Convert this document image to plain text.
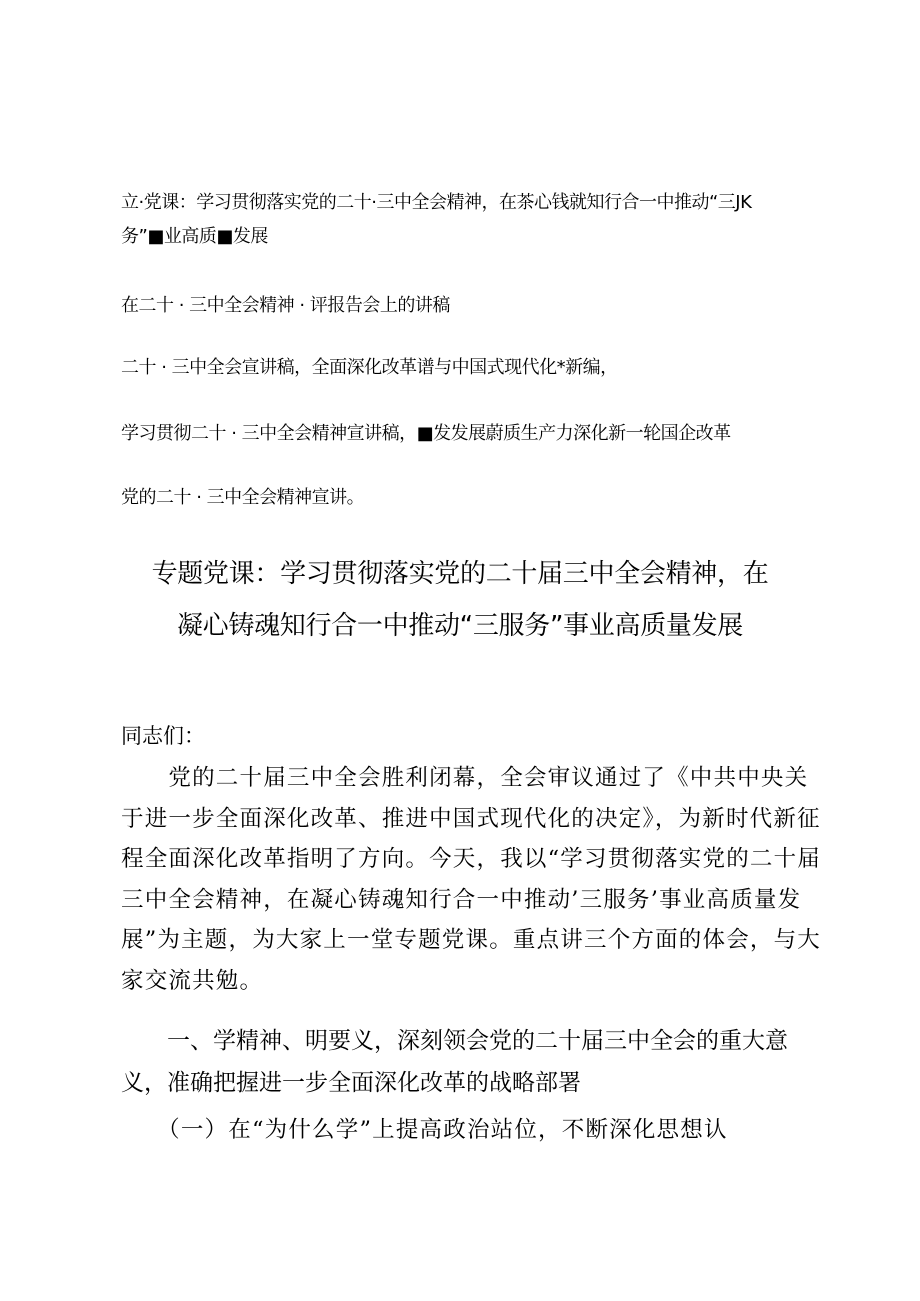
立·党课：学习贯彻落实党的二十·三中全会精神，在茶心钱就知行合一中推动“三JK
务”■业高质■发展
在二十 · 三中全会精神 · 评报告会上的讲稿
二十 · 三中全会宣讲稿，全面深化改革谱与中国式现代化*新编，
学习贯彻二十 · 三中全会精神宣讲稿，■发发展蔚质生产力深化新一轮国企改革
党的二十 · 三中全会精神宣讲。
专题党课：学习贯彻落实党的二十届三中全会精神，在
凝心铸魂知行合一中推动“三服务”事业高质量发展
同志们：
　　党的二十届三中全会胜利闭幕，全会审议通过了《中共中央关
于进一步全面深化改革、推进中国式现代化的决定》，为新时代新征
程全面深化改革指明了方向。今天，我以“学习贯彻落实党的二十届
三中全会精神，在凝心铸魂知行合一中推动’三服务’事业高质量发
展”为主题，为大家上一堂专题党课。重点讲三个方面的体会，与大
家交流共勉。
　　一、学精神、明要义，深刻领会党的二十届三中全会的重大意
义，准确把握进一步全面深化改革的战略部署
　　（一）在“为什么学”上提高政治站位，不断深化思想认
